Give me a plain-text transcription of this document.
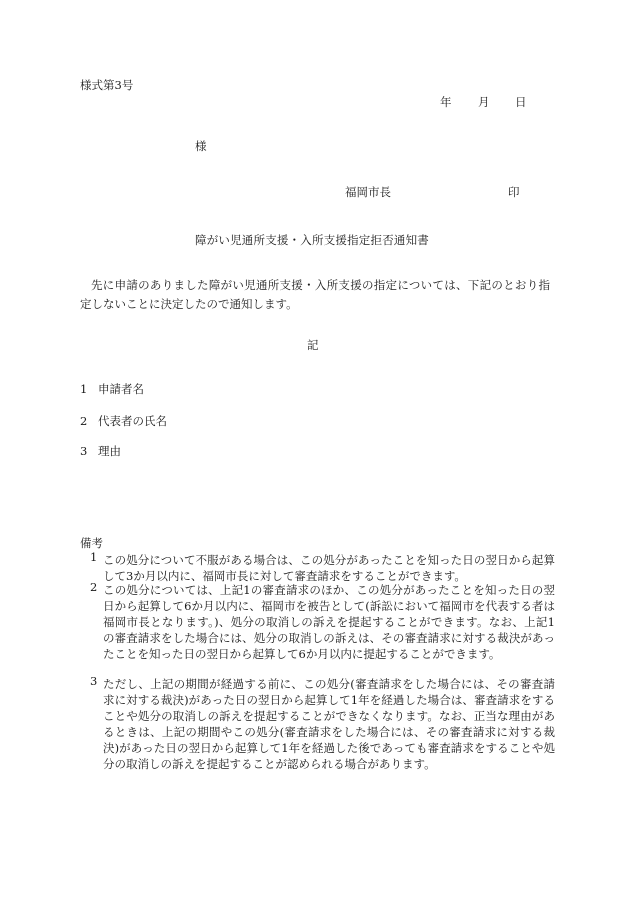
様式第3号
年 月 日
様
福岡市長	印
障がい児通所支援・入所支援指定拒否通知書
先に申請のありました障がい児通所支援・入所支援の指定については、下記のとおり指定しないことに決定したので通知します。
記
1 申請者名
2 代表者の氏名
3 理由
備考
1 この処分について不服がある場合は、この処分があったことを知った日の翌日から起算して3か月以内に、福岡市長に対して審査請求をすることができます。
2 この処分については、上記1の審査請求のほか、この処分があったことを知った日の翌日から起算して6か月以内に、福岡市を被告として(訴訟において福岡市を代表する者は福岡市長となります。)、処分の取消しの訴えを提起することができます。なお、上記1の審査請求をした場合には、処分の取消しの訴えは、その審査請求に対する裁決があったことを知った日の翌日から起算して6か月以内に提起することができます。
3 ただし、上記の期間が経過する前に、この処分(審査請求をした場合には、その審査請求に対する裁決)があった日の翌日から起算して1年を経過した場合は、審査請求をすることや処分の取消しの訴えを提起することができなくなります。なお、正当な理由があるときは、上記の期間やこの処分(審査請求をした場合には、その審査請求に対する裁決)があった日の翌日から起算して1年を経過した後であっても審査請求をすることや処分の取消しの訴えを提起することが認められる場合があります。
